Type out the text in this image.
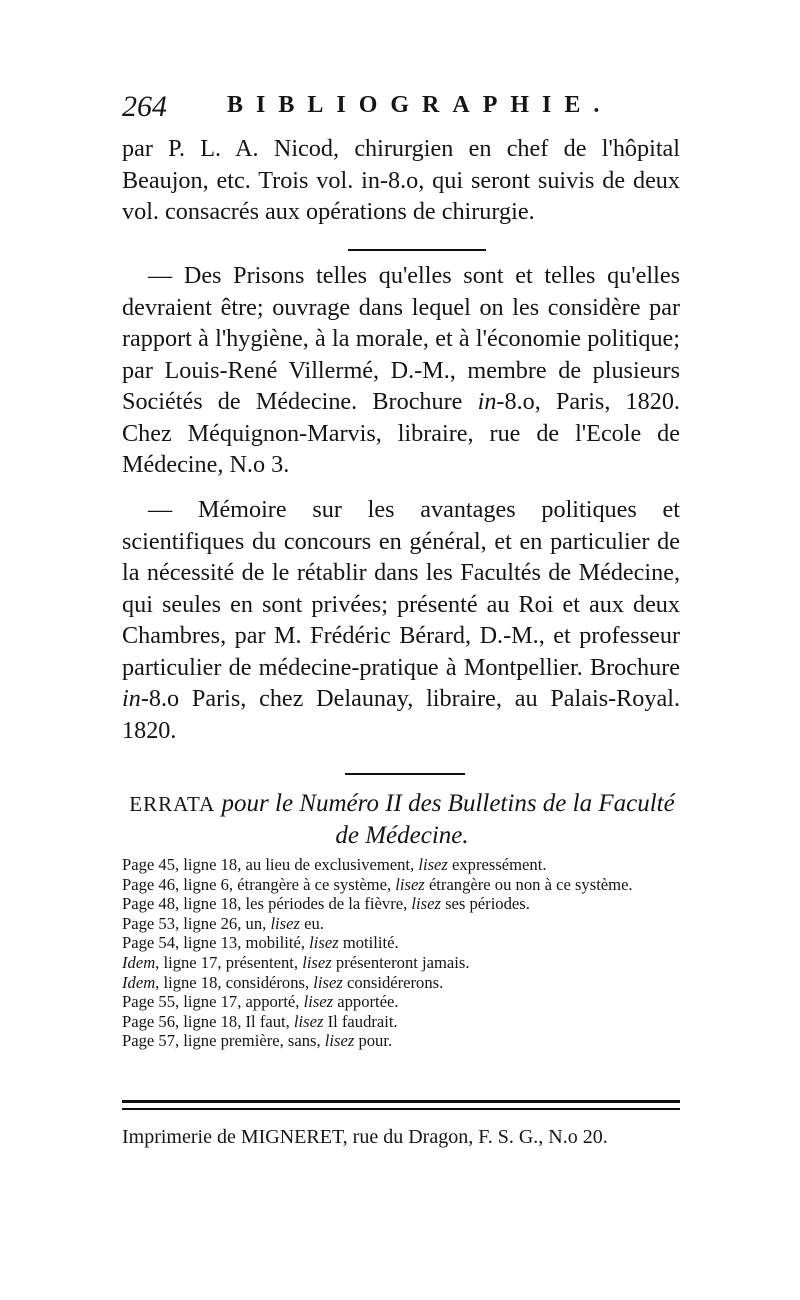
264	BIBLIOGRAPHIE.

par P. L. A. Nicod, chirurgien en chef de l'hôpital Beaujon, etc. Trois vol. in-8.o, qui seront suivis de deux vol. consacrés aux opérations de chirurgie.

— Des Prisons telles qu'elles sont et telles qu'elles devraient être; ouvrage dans lequel on les considère par rapport à l'hygiène, à la morale, et à l'économie politique; par Louis-René Villermé, D.-M., membre de plusieurs Sociétés de Médecine. Brochure in-8.o, Paris, 1820. Chez Méquignon-Marvis, libraire, rue de l'Ecole de Médecine, N.o 3.

— Mémoire sur les avantages politiques et scientifiques du concours en général, et en particulier de la nécessité de le rétablir dans les Facultés de Médecine, qui seules en sont privées; présenté au Roi et aux deux Chambres, par M. Frédéric Bérard, D.-M., et professeur particulier de médecine-pratique à Montpellier. Brochure in-8.o Paris, chez Delaunay, libraire, au Palais-Royal. 1820.

ERRATA pour le Numéro II des Bulletins de la Faculté de Médecine.
Page 45, ligne 18, au lieu de exclusivement, lisez expressément.
Page 46, ligne 6, étrangère à ce système, lisez étrangère ou non à ce système.
Page 48, ligne 18, les périodes de la fièvre, lisez ses périodes.
Page 53, ligne 26, un, lisez eu.
Page 54, ligne 13, mobilité, lisez motilité.
Idem, ligne 17, présentent, lisez présenteront jamais.
Idem, ligne 18, considérons, lisez considérerons.
Page 55, ligne 17, apporté, lisez apportée.
Page 56, ligne 18, Il faut, lisez Il faudrait.
Page 57, ligne première, sans, lisez pour.
Imprimerie de MIGNERET, rue du Dragon, F. S. G., N.o 20.
